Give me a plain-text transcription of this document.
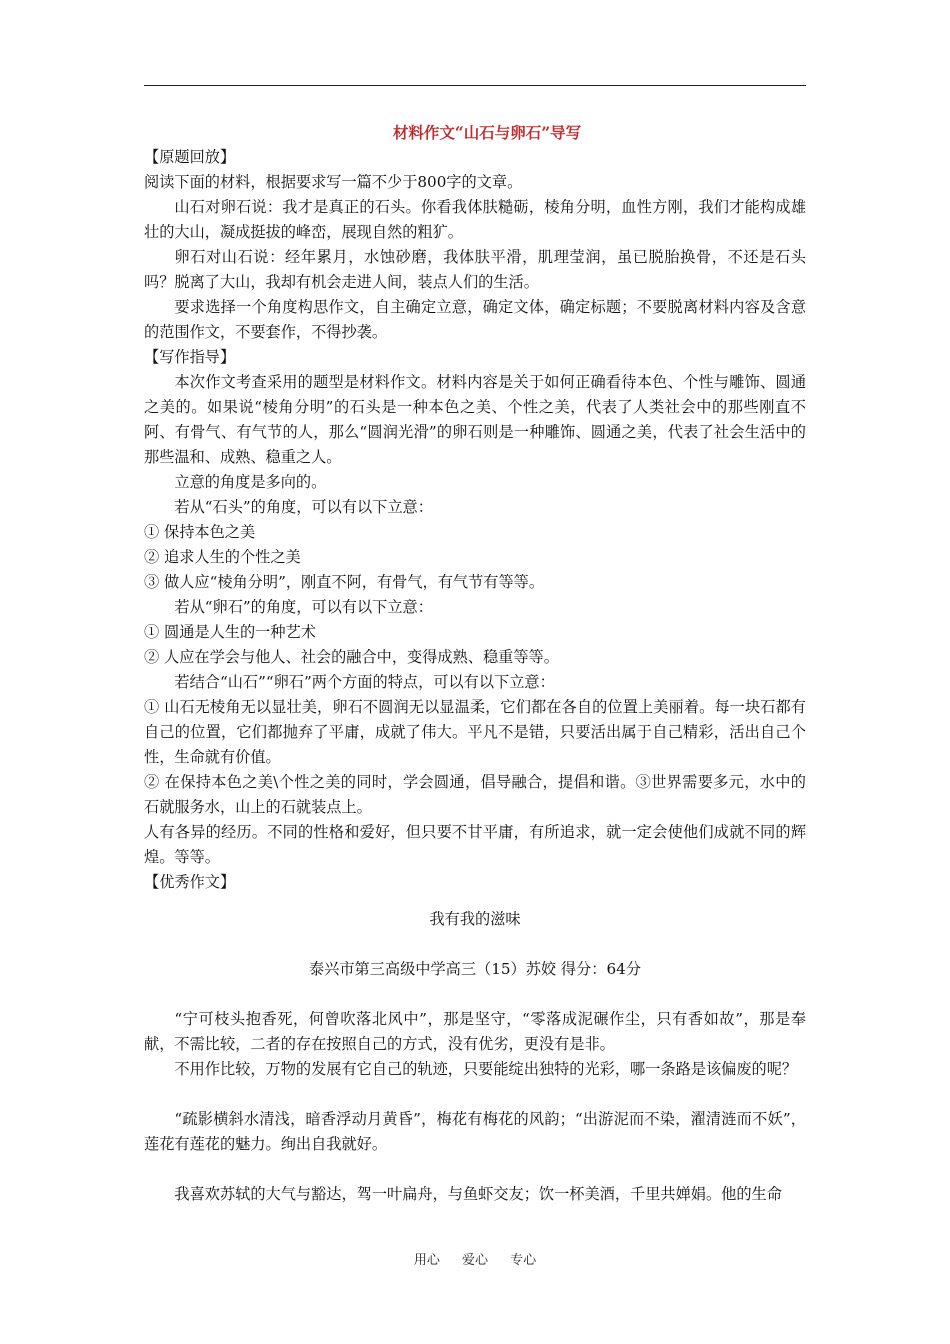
材料作文“山石与卵石”导写

【原题回放】

阅读下面的材料，根据要求写一篇不少于800字的文章。

山石对卵石说：我才是真正的石头。你看我体肤糙砺，棱角分明，血性方刚，我们才能构成雄壮的大山，凝成挺拔的峰峦，展现自然的粗犷。

卵石对山石说：经年累月，水蚀砂磨，我体肤平滑，肌理莹润，虽已脱胎换骨，不还是石头吗？脱离了大山，我却有机会走进人间，装点人们的生活。

要求选择一个角度构思作文，自主确定立意，确定文体，确定标题；不要脱离材料内容及含意的范围作文，不要套作，不得抄袭。

【写作指导】

本次作文考查采用的题型是材料作文。材料内容是关于如何正确看待本色、个性与雕饰、圆通之美的。如果说“棱角分明”的石头是一种本色之美、个性之美，代表了人类社会中的那些刚直不阿、有骨气、有气节的人，那么“圆润光滑”的卵石则是一种雕饰、圆通之美，代表了社会生活中的那些温和、成熟、稳重之人。

立意的角度是多向的。

若从“石头”的角度，可以有以下立意：

① 保持本色之美

② 追求人生的个性之美

③ 做人应“棱角分明”，刚直不阿，有骨气，有气节有等等。

若从“卵石”的角度，可以有以下立意：

① 圆通是人生的一种艺术

② 人应在学会与他人、社会的融合中，变得成熟、稳重等等。

若结合“山石”“卵石”两个方面的特点，可以有以下立意：

① 山石无棱角无以显壮美，卵石不圆润无以显温柔，它们都在各自的位置上美丽着。每一块石都有自己的位置，它们都抛弃了平庸，成就了伟大。平凡不是错，只要活出属于自己精彩，活出自己个性，生命就有价值。

② 在保持本色之美\个性之美的同时，学会圆通，倡导融合，提倡和谐。③世界需要多元，水中的石就服务水，山上的石就装点上。

人有各异的经历。不同的性格和爱好，但只要不甘平庸，有所追求，就一定会使他们成就不同的辉煌。等等。

【优秀作文】

我有我的滋味

泰兴市第三高级中学高三（15）苏姣 得分：64分

“宁可枝头抱香死，何曾吹落北风中”，那是坚守，“零落成泥碾作尘，只有香如故”，那是奉献，不需比较，二者的存在按照自己的方式，没有优劣，更没有是非。

不用作比较，万物的发展有它自己的轨迹，只要能绽出独特的光彩，哪一条路是该偏废的呢？

“疏影横斜水清浅，暗香浮动月黄昏”，梅花有梅花的风韵；“出游泥而不染，濯清涟而不妖”，莲花有莲花的魅力。绚出自我就好。

我喜欢苏轼的大气与豁达，驾一叶扁舟，与鱼虾交友；饮一杯美酒，千里共婵娟。他的生命

用心 爱心 专心
